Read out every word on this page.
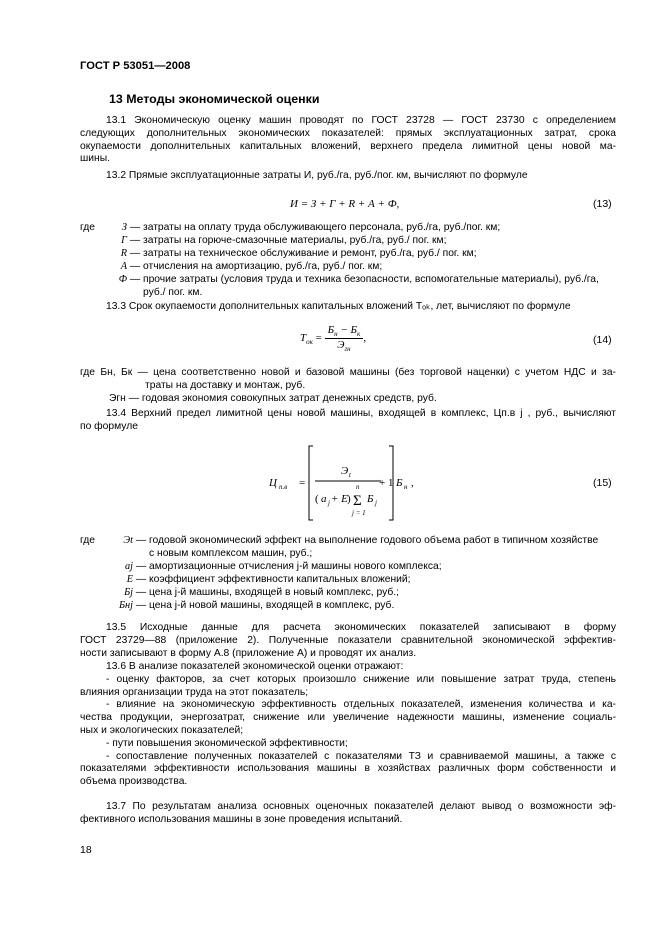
ГОСТ Р 53051—2008
13 Методы экономической оценки
13.1 Экономическую оценку машин проводят по ГОСТ 23728 — ГОСТ 23730 с определением
следующих дополнительных экономических показателей: прямых эксплуатационных затрат, срока
окупаемости дополнительных капитальных вложений, верхнего предела лимитной цены новой ма-
шины.
13.2 Прямые эксплуатационные затраты И, руб./га, руб./пог. км, вычисляют по формуле
И = З + Г + R + А + Ф,	(13)
где	З — затраты на оплату труда обслуживающего персонала, руб./га, руб./пог. км;
Г — затраты на горюче-смазочные материалы, руб./га, руб./ пог. км;
R — затраты на техническое обслуживание и ремонт, руб./га, руб./ пог. км;
А — отчисления на амортизацию, руб./га, руб./ пог. км;
Ф — прочие затраты (условия труда и техника безопасности, вспомогательные материалы), руб./га,
руб./ пог. км.
13.3 Срок окупаемости дополнительных капитальных вложений Тₒₖ, лет, вычисляют по формуле
$Т_{ок} = \frac{Б_н - Б_к}{Э_{гн}}$ ,	(14)
где Бн, Бк — цена соответственно новой и базовой машины (без торговой наценки) с учетом НДС и за-
траты на доставку и монтаж, руб.
Эгн — годовая экономия совокупных затрат денежных средств, руб.
13.4 Верхний предел лимитной цены новой машины, входящей в комплекс, Цп.в j , руб., вычисляют
по формуле
Ц п.в =
Э t
( a j + Е )
n
Σ
j = 1
Б j
+ 1 Б н ,	(15)
где	Эt — годовой экономический эффект на выполнение годового объема работ в типичном хозяйстве
с новым комплексом машин, руб.;
aj — амортизационные отчисления j-й машины нового комплекса;
Е — коэффициент эффективности капитальных вложений;
Бj — цена j-й машины, входящей в новый комплекс, руб.;
Бнj — цена j-й новой машины, входящей в комплекс, руб.
13.5 Исходные данные для расчета экономических показателей записывают в форму
ГОСТ 23729—88 (приложение 2). Полученные показатели сравнительной экономической эффектив-
ности записывают в форму А.8 (приложение А) и проводят их анализ.
13.6 В анализе показателей экономической оценки отражают:
- оценку факторов, за счет которых произошло снижение или повышение затрат труда, степень
влияния организации труда на этот показатель;
- влияние на экономическую эффективность отдельных показателей, изменения количества и ка-
чества продукции, энергозатрат, снижение или увеличение надежности машины, изменение социаль-
ных и экологических показателей;
- пути повышения экономической эффективности;
- сопоставление полученных показателей с показателями ТЗ и сравниваемой машины, а также с
показателями эффективности использования машины в хозяйствах различных форм собственности и
объема производства.
13.7 По результатам анализа основных оценочных показателей делают вывод о возможности эф-
фективного использования машины в зоне проведения испытаний.
18
